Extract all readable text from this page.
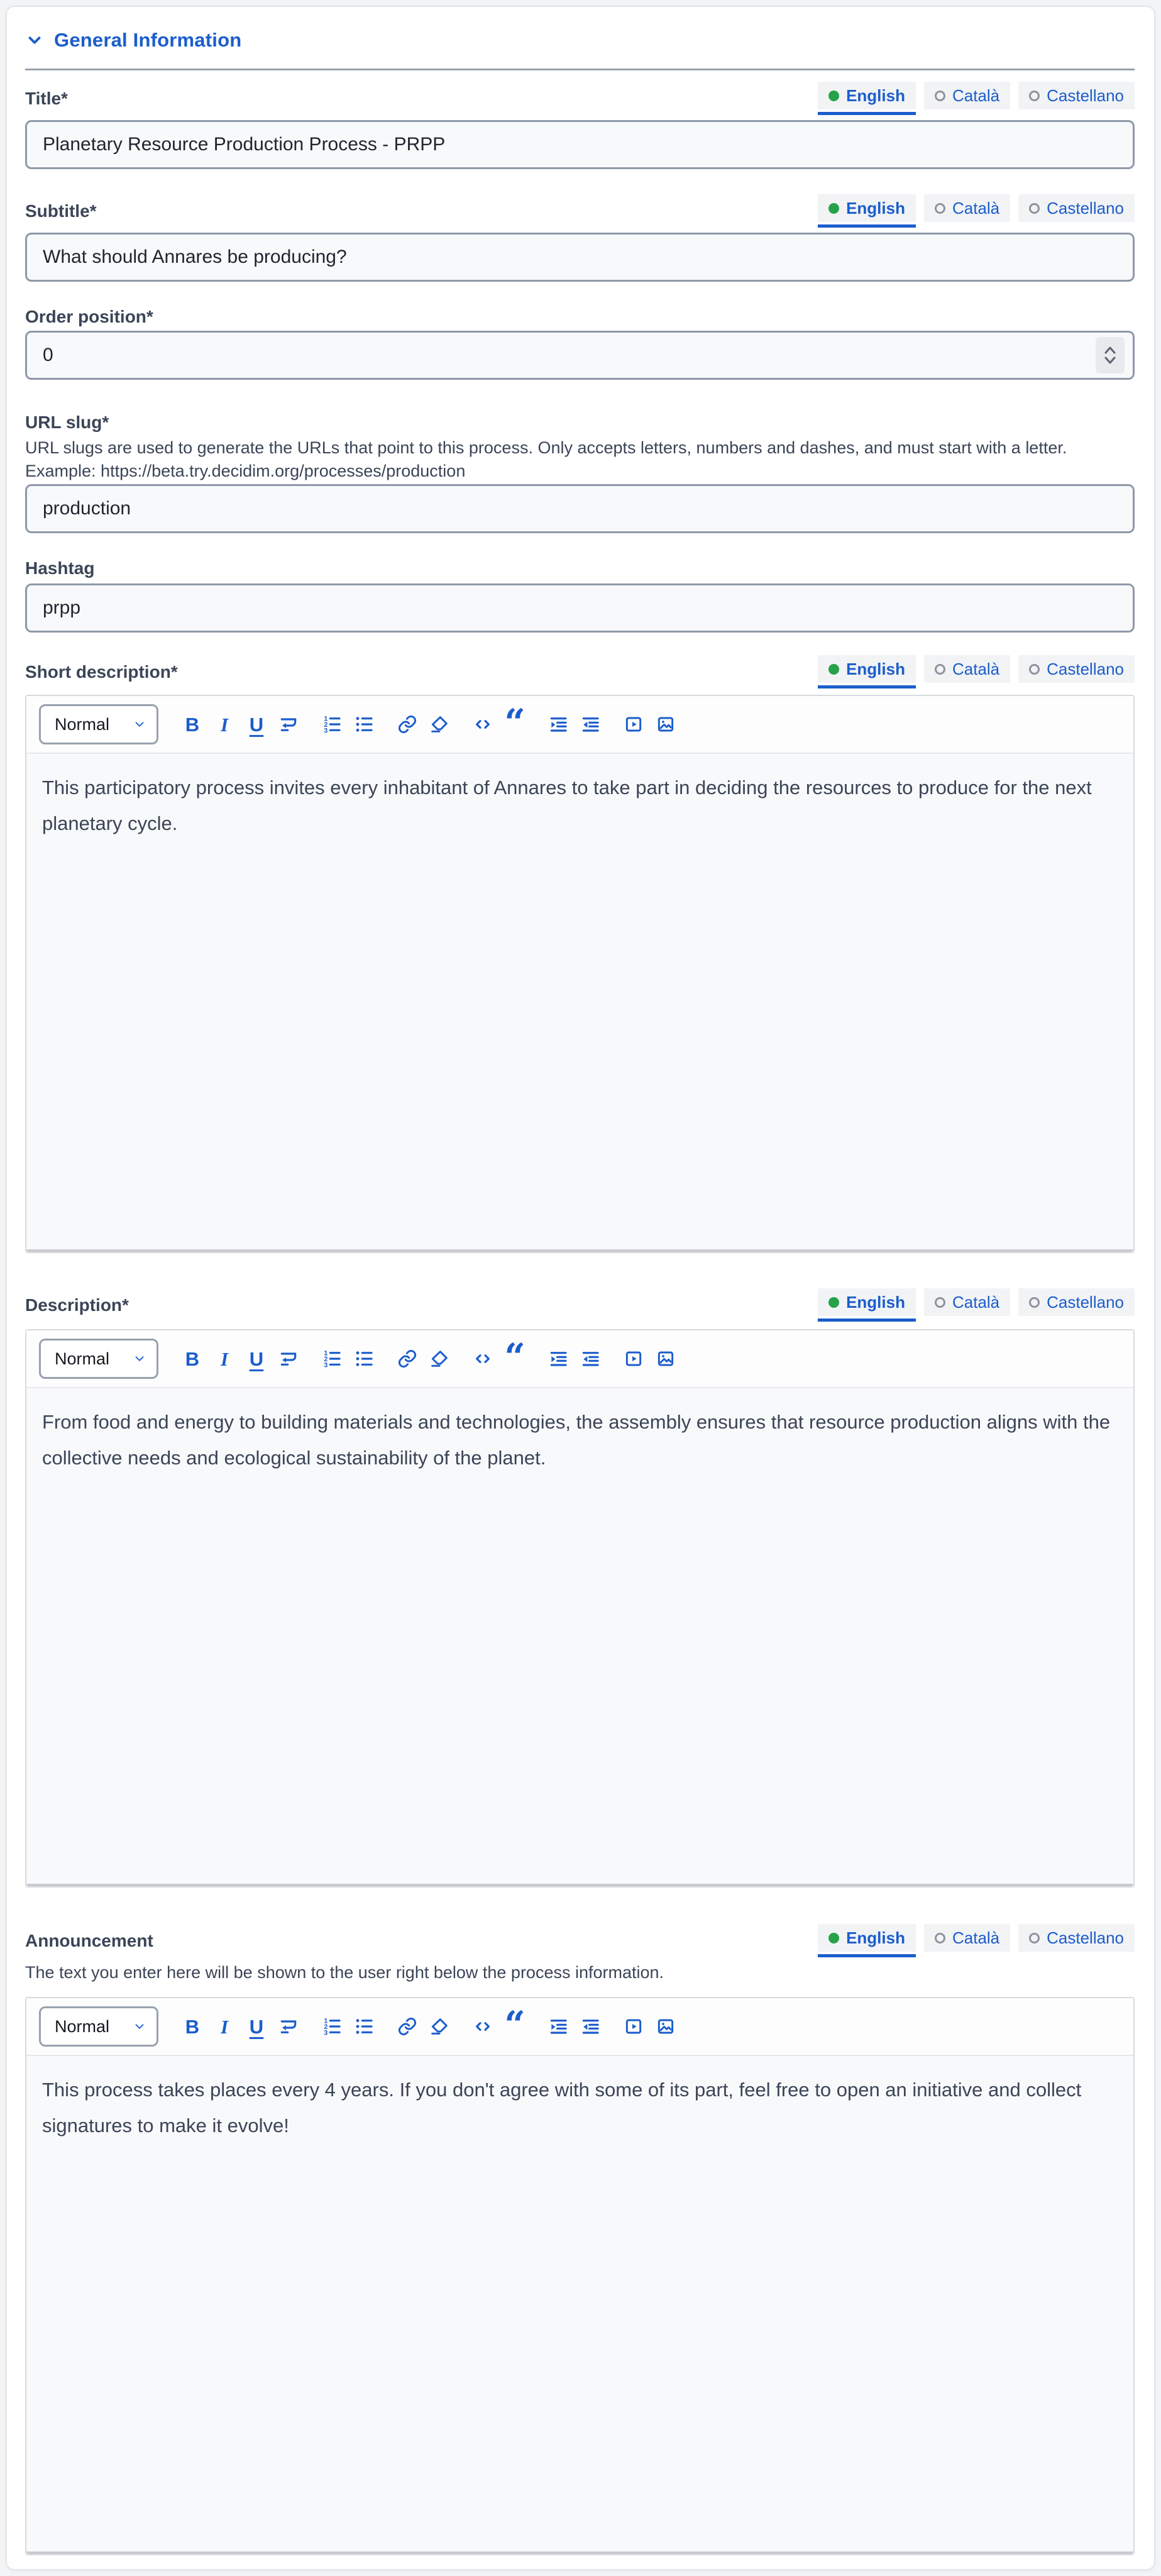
General Information
Title*	English	Català	Castellano
Planetary Resource Production Process - PRPP
Subtitle*	English	Català	Castellano
What should Annares be producing?
Order position*
0
URL slug*

URL slugs are used to generate the URLs that point to this process. Only accepts letters, numbers and dashes, and must start with a letter. Example: https://beta.try.decidim.org/processes/production

production
Hashtag
prpp
Short description*	English	Català	Castellano
Normal	B I U	1
2
3	“
This participatory process invites every inhabitant of Annares to take part in deciding the resources to produce for the next planetary cycle.
Description*	English	Català	Castellano
Normal	B I U	1
2
3	“
From food and energy to building materials and technologies, the assembly ensures that resource production aligns with the collective needs and ecological sustainability of the planet.
Announcement	English	Català	Castellano

The text you enter here will be shown to the user right below the process information.

Normal	B I U	1
2
3	“
This process takes places every 4 years. If you don't agree with some of its part, feel free to open an initiative and collect signatures to make it evolve!
